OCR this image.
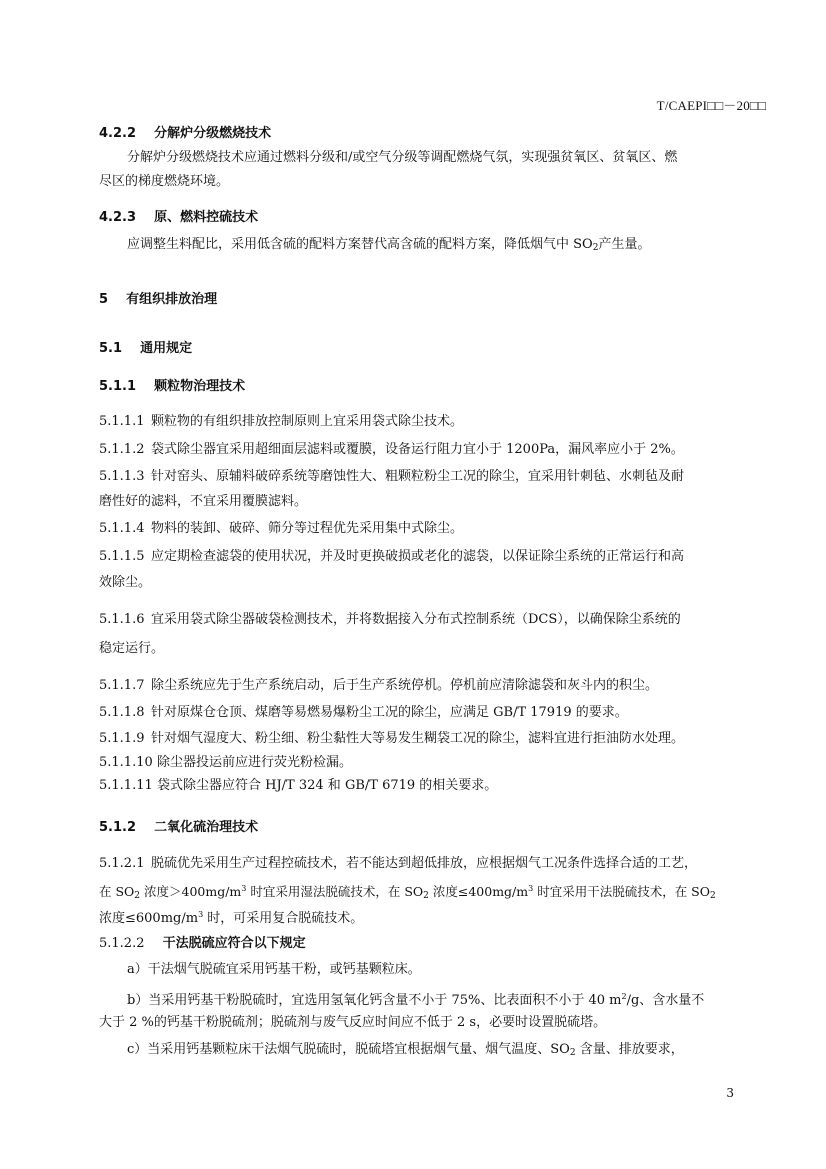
T/CAEPI□□－20□□
4.2.2 分解炉分级燃烧技术
分解炉分级燃烧技术应通过燃料分级和/或空气分级等调配燃烧气氛，实现强贫氧区、贫氧区、燃
尽区的梯度燃烧环境。
4.2.3 原、燃料控硫技术
应调整生料配比，采用低含硫的配料方案替代高含硫的配料方案，降低烟气中 $SO_2$产生量。
5 有组织排放治理
5.1 通用规定
5.1.1 颗粒物治理技术
5.1.1.1 颗粒物的有组织排放控制原则上宜采用袋式除尘技术。
5.1.1.2 袋式除尘器宜采用超细面层滤料或覆膜，设备运行阻力宜小于 1200Pa，漏风率应小于 2%。
5.1.1.3 针对窑头、原辅料破碎系统等磨蚀性大、粗颗粒粉尘工况的除尘，宜采用针刺毡、水刺毡及耐
磨性好的滤料，不宜采用覆膜滤料。
5.1.1.4 物料的装卸、破碎、筛分等过程优先采用集中式除尘。
5.1.1.5 应定期检查滤袋的使用状况，并及时更换破损或老化的滤袋，以保证除尘系统的正常运行和高
效除尘。
5.1.1.6 宜采用袋式除尘器破袋检测技术，并将数据接入分布式控制系统（DCS），以确保除尘系统的
稳定运行。
5.1.1.7 除尘系统应先于生产系统启动，后于生产系统停机。停机前应清除滤袋和灰斗内的积尘。
5.1.1.8 针对原煤仓仓顶、煤磨等易燃易爆粉尘工况的除尘，应满足 GB/T 17919 的要求。
5.1.1.9 针对烟气湿度大、粉尘细、粉尘黏性大等易发生糊袋工况的除尘，滤料宜进行拒油防水处理。
5.1.1.10 除尘器投运前应进行荧光粉检漏。
5.1.1.11 袋式除尘器应符合 HJ/T 324 和 GB/T 6719 的相关要求。
5.1.2 二氧化硫治理技术
5.1.2.1 脱硫优先采用生产过程控硫技术，若不能达到超低排放，应根据烟气工况条件选择合适的工艺，
在 $SO_2$ 浓度$>400mg/m^3$ 时宜采用湿法脱硫技术，在 $SO_2$ 浓度$\le 400mg/m^3$ 时宜采用干法脱硫技术，在 $SO_2$
浓度$\le 600mg/m^3$ 时，可采用复合脱硫技术。
5.1.2.2 干法脱硫应符合以下规定
a）干法烟气脱硫宜采用钙基干粉，或钙基颗粒床。
b）当采用钙基干粉脱硫时，宜选用氢氧化钙含量不小于 75%、比表面积不小于 40 $m^2/g$、含水量不
大于 2 %的钙基干粉脱硫剂；脱硫剂与废气反应时间应不低于 2 s，必要时设置脱硫塔。
c）当采用钙基颗粒床干法烟气脱硫时，脱硫塔宜根据烟气量、烟气温度、$SO_2$ 含量、排放要求，
3
